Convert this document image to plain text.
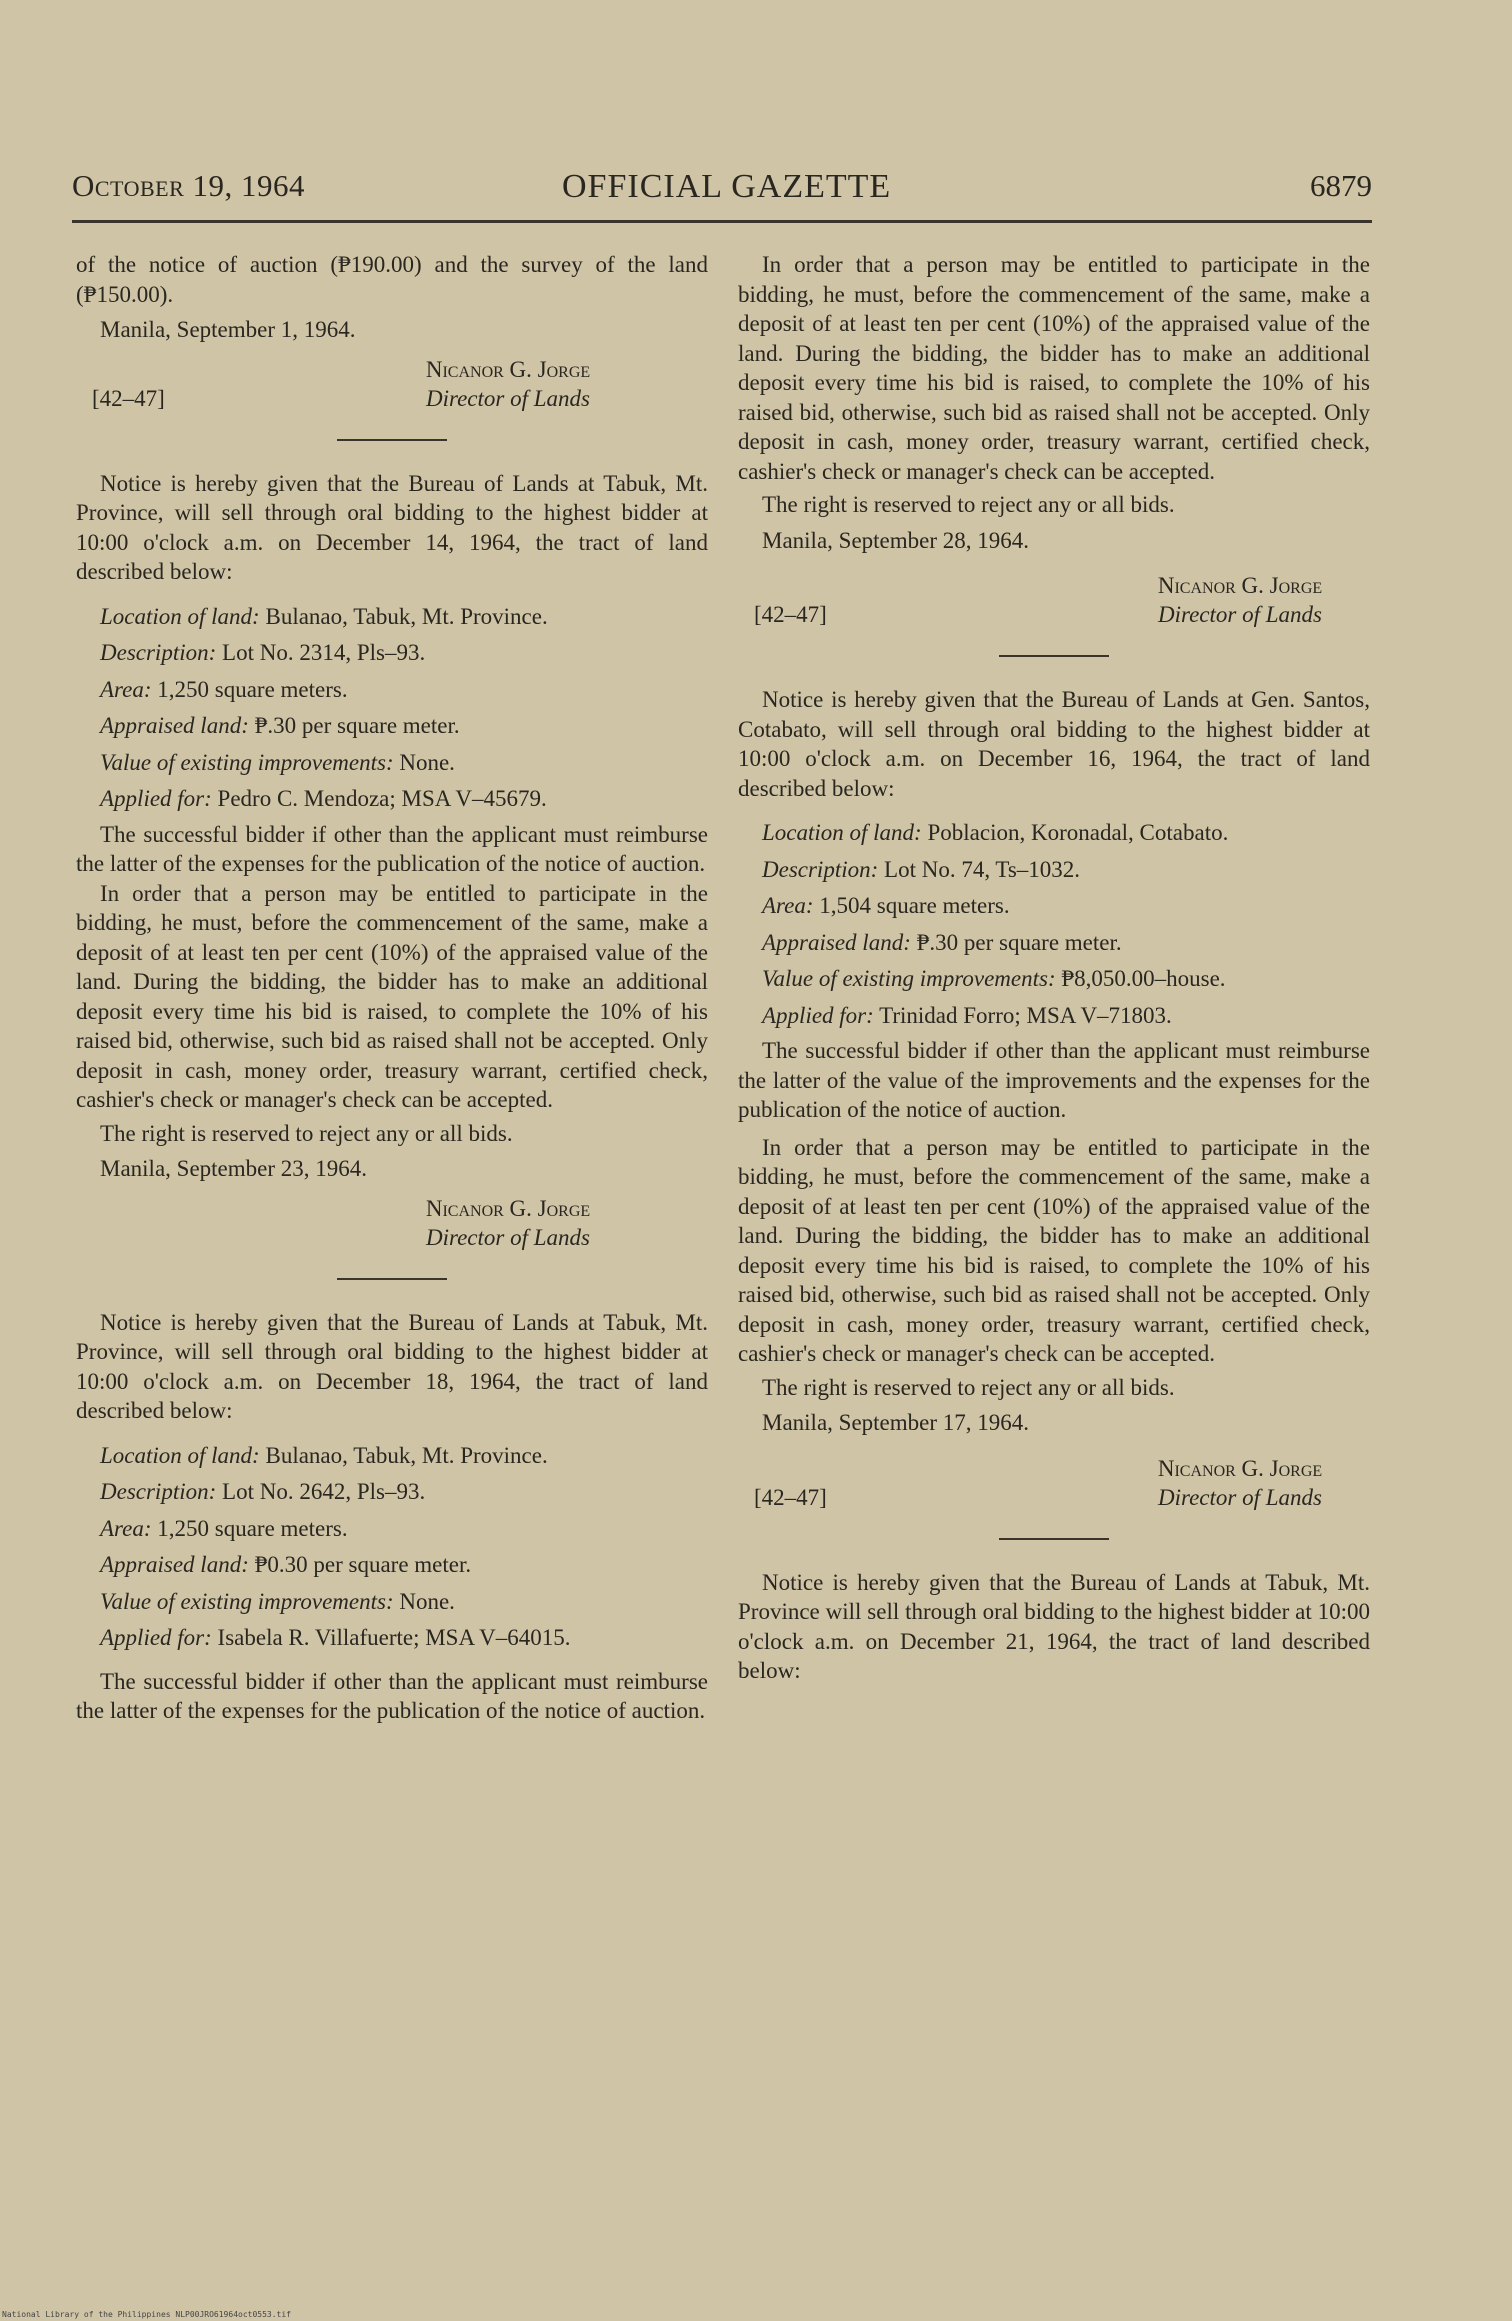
October 19, 1964	OFFICIAL GAZETTE	6879

of the notice of auction (₱190.00) and the survey of the land (₱150.00).

Manila, September 1, 1964.

Nicanor G. Jorge
[42–47]	Director of Lands

Notice is hereby given that the Bureau of Lands at Tabuk, Mt. Province, will sell through oral bidding to the highest bidder at 10:00 o'clock a.m. on December 14, 1964, the tract of land described below:

Location of land: Bulanao, Tabuk, Mt. Province.

Description: Lot No. 2314, Pls–93.

Area: 1,250 square meters.

Appraised land: ₱.30 per square meter.

Value of existing improvements: None.

Applied for: Pedro C. Mendoza; MSA V–45679.

The successful bidder if other than the applicant must reimburse the latter of the expenses for the publication of the notice of auction.

In order that a person may be entitled to participate in the bidding, he must, before the commencement of the same, make a deposit of at least ten per cent (10%) of the appraised value of the land. During the bidding, the bidder has to make an additional deposit every time his bid is raised, to complete the 10% of his raised bid, otherwise, such bid as raised shall not be accepted. Only deposit in cash, money order, treasury warrant, certified check, cashier's check or manager's check can be accepted.

The right is reserved to reject any or all bids.

Manila, September 23, 1964.

Nicanor G. Jorge
Director of Lands

Notice is hereby given that the Bureau of Lands at Tabuk, Mt. Province, will sell through oral bidding to the highest bidder at 10:00 o'clock a.m. on December 18, 1964, the tract of land described below:

Location of land: Bulanao, Tabuk, Mt. Province.

Description: Lot No. 2642, Pls–93.

Area: 1,250 square meters.

Appraised land: ₱0.30 per square meter.

Value of existing improvements: None.

Applied for: Isabela R. Villafuerte; MSA V–64015.

The successful bidder if other than the applicant must reimburse the latter of the expenses for the publication of the notice of auction.

In order that a person may be entitled to participate in the bidding, he must, before the commencement of the same, make a deposit of at least ten per cent (10%) of the appraised value of the land. During the bidding, the bidder has to make an additional deposit every time his bid is raised, to complete the 10% of his raised bid, otherwise, such bid as raised shall not be accepted. Only deposit in cash, money order, treasury warrant, certified check, cashier's check or manager's check can be accepted.

The right is reserved to reject any or all bids.

Manila, September 28, 1964.

Nicanor G. Jorge
[42–47]	Director of Lands

Notice is hereby given that the Bureau of Lands at Gen. Santos, Cotabato, will sell through oral bidding to the highest bidder at 10:00 o'clock a.m. on December 16, 1964, the tract of land described below:

Location of land: Poblacion, Koronadal, Cotabato.

Description: Lot No. 74, Ts–1032.

Area: 1,504 square meters.

Appraised land: ₱.30 per square meter.

Value of existing improvements: ₱8,050.00–house.

Applied for: Trinidad Forro; MSA V–71803.

The successful bidder if other than the applicant must reimburse the latter of the value of the improvements and the expenses for the publication of the notice of auction.

In order that a person may be entitled to participate in the bidding, he must, before the commencement of the same, make a deposit of at least ten per cent (10%) of the appraised value of the land. During the bidding, the bidder has to make an additional deposit every time his bid is raised, to complete the 10% of his raised bid, otherwise, such bid as raised shall not be accepted. Only deposit in cash, money order, treasury warrant, certified check, cashier's check or manager's check can be accepted.

The right is reserved to reject any or all bids.

Manila, September 17, 1964.

Nicanor G. Jorge
[42–47]	Director of Lands

Notice is hereby given that the Bureau of Lands at Tabuk, Mt. Province will sell through oral bidding to the highest bidder at 10:00 o'clock a.m. on December 21, 1964, the tract of land described below:

National Library of the Philippines NLP00JRO61964oct0553.tif
